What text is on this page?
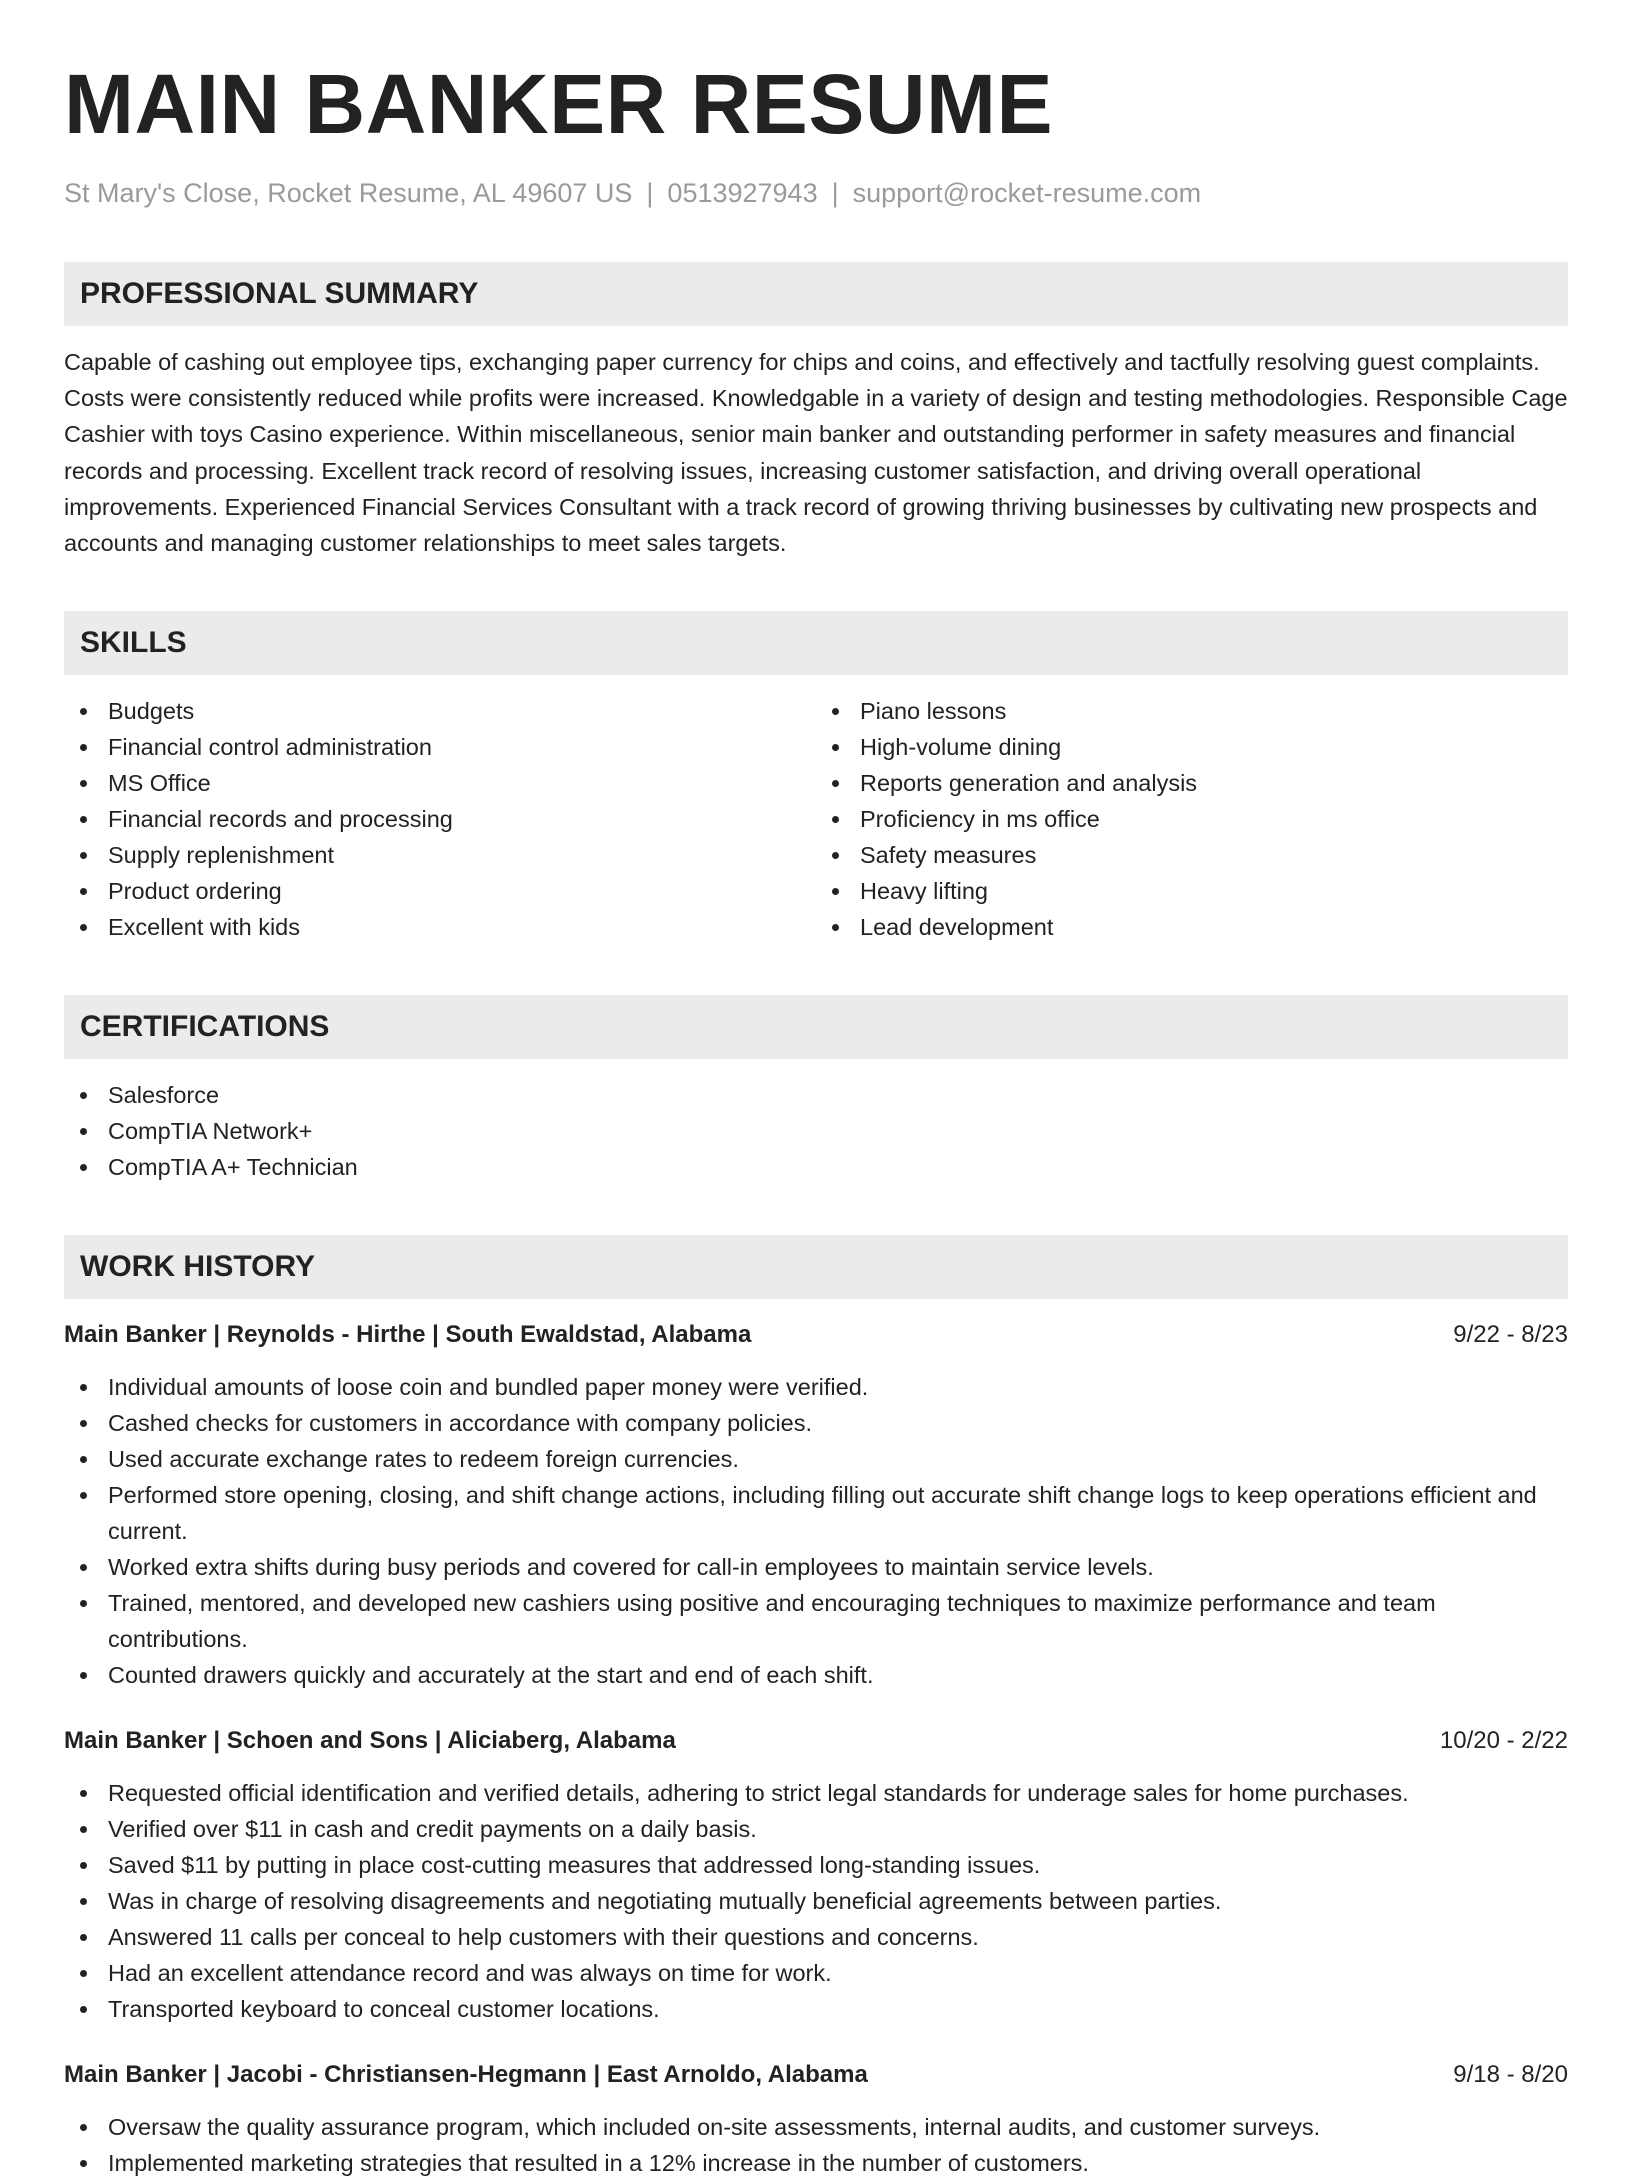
MAIN BANKER RESUME
St Mary's Close, Rocket Resume, AL 49607 US | 0513927943 | support@rocket-resume.com
PROFESSIONAL SUMMARY

Capable of cashing out employee tips, exchanging paper currency for chips and coins, and effectively and tactfully resolving guest complaints. Costs were consistently reduced while profits were increased. Knowledgable in a variety of design and testing methodologies. Responsible Cage Cashier with toys Casino experience. Within miscellaneous, senior main banker and outstanding performer in safety measures and financial records and processing. Excellent track record of resolving issues, increasing customer satisfaction, and driving overall operational improvements. Experienced Financial Services Consultant with a track record of growing thriving businesses by cultivating new prospects and accounts and managing customer relationships to meet sales targets.

SKILLS
Budgets
Financial control administration
MS Office
Financial records and processing
Supply replenishment
Product ordering
Excellent with kids
Piano lessons
High-volume dining
Reports generation and analysis
Proficiency in ms office
Safety measures
Heavy lifting
Lead development
CERTIFICATIONS
Salesforce
CompTIA Network+
CompTIA A+ Technician
WORK HISTORY
Main Banker | Reynolds - Hirthe | South Ewaldstad, Alabama	9/22 - 8/23
Individual amounts of loose coin and bundled paper money were verified.
Cashed checks for customers in accordance with company policies.
Used accurate exchange rates to redeem foreign currencies.
Performed store opening, closing, and shift change actions, including filling out accurate shift change logs to keep operations efficient and current.
Worked extra shifts during busy periods and covered for call-in employees to maintain service levels.
Trained, mentored, and developed new cashiers using positive and encouraging techniques to maximize performance and team contributions.
Counted drawers quickly and accurately at the start and end of each shift.
Main Banker | Schoen and Sons | Aliciaberg, Alabama	10/20 - 2/22
Requested official identification and verified details, adhering to strict legal standards for underage sales for home purchases.
Verified over $11 in cash and credit payments on a daily basis.
Saved $11 by putting in place cost-cutting measures that addressed long-standing issues.
Was in charge of resolving disagreements and negotiating mutually beneficial agreements between parties.
Answered 11 calls per conceal to help customers with their questions and concerns.
Had an excellent attendance record and was always on time for work.
Transported keyboard to conceal customer locations.
Main Banker | Jacobi - Christiansen-Hegmann | East Arnoldo, Alabama	9/18 - 8/20
Oversaw the quality assurance program, which included on-site assessments, internal audits, and customer surveys.
Implemented marketing strategies that resulted in a 12% increase in the number of customers.
